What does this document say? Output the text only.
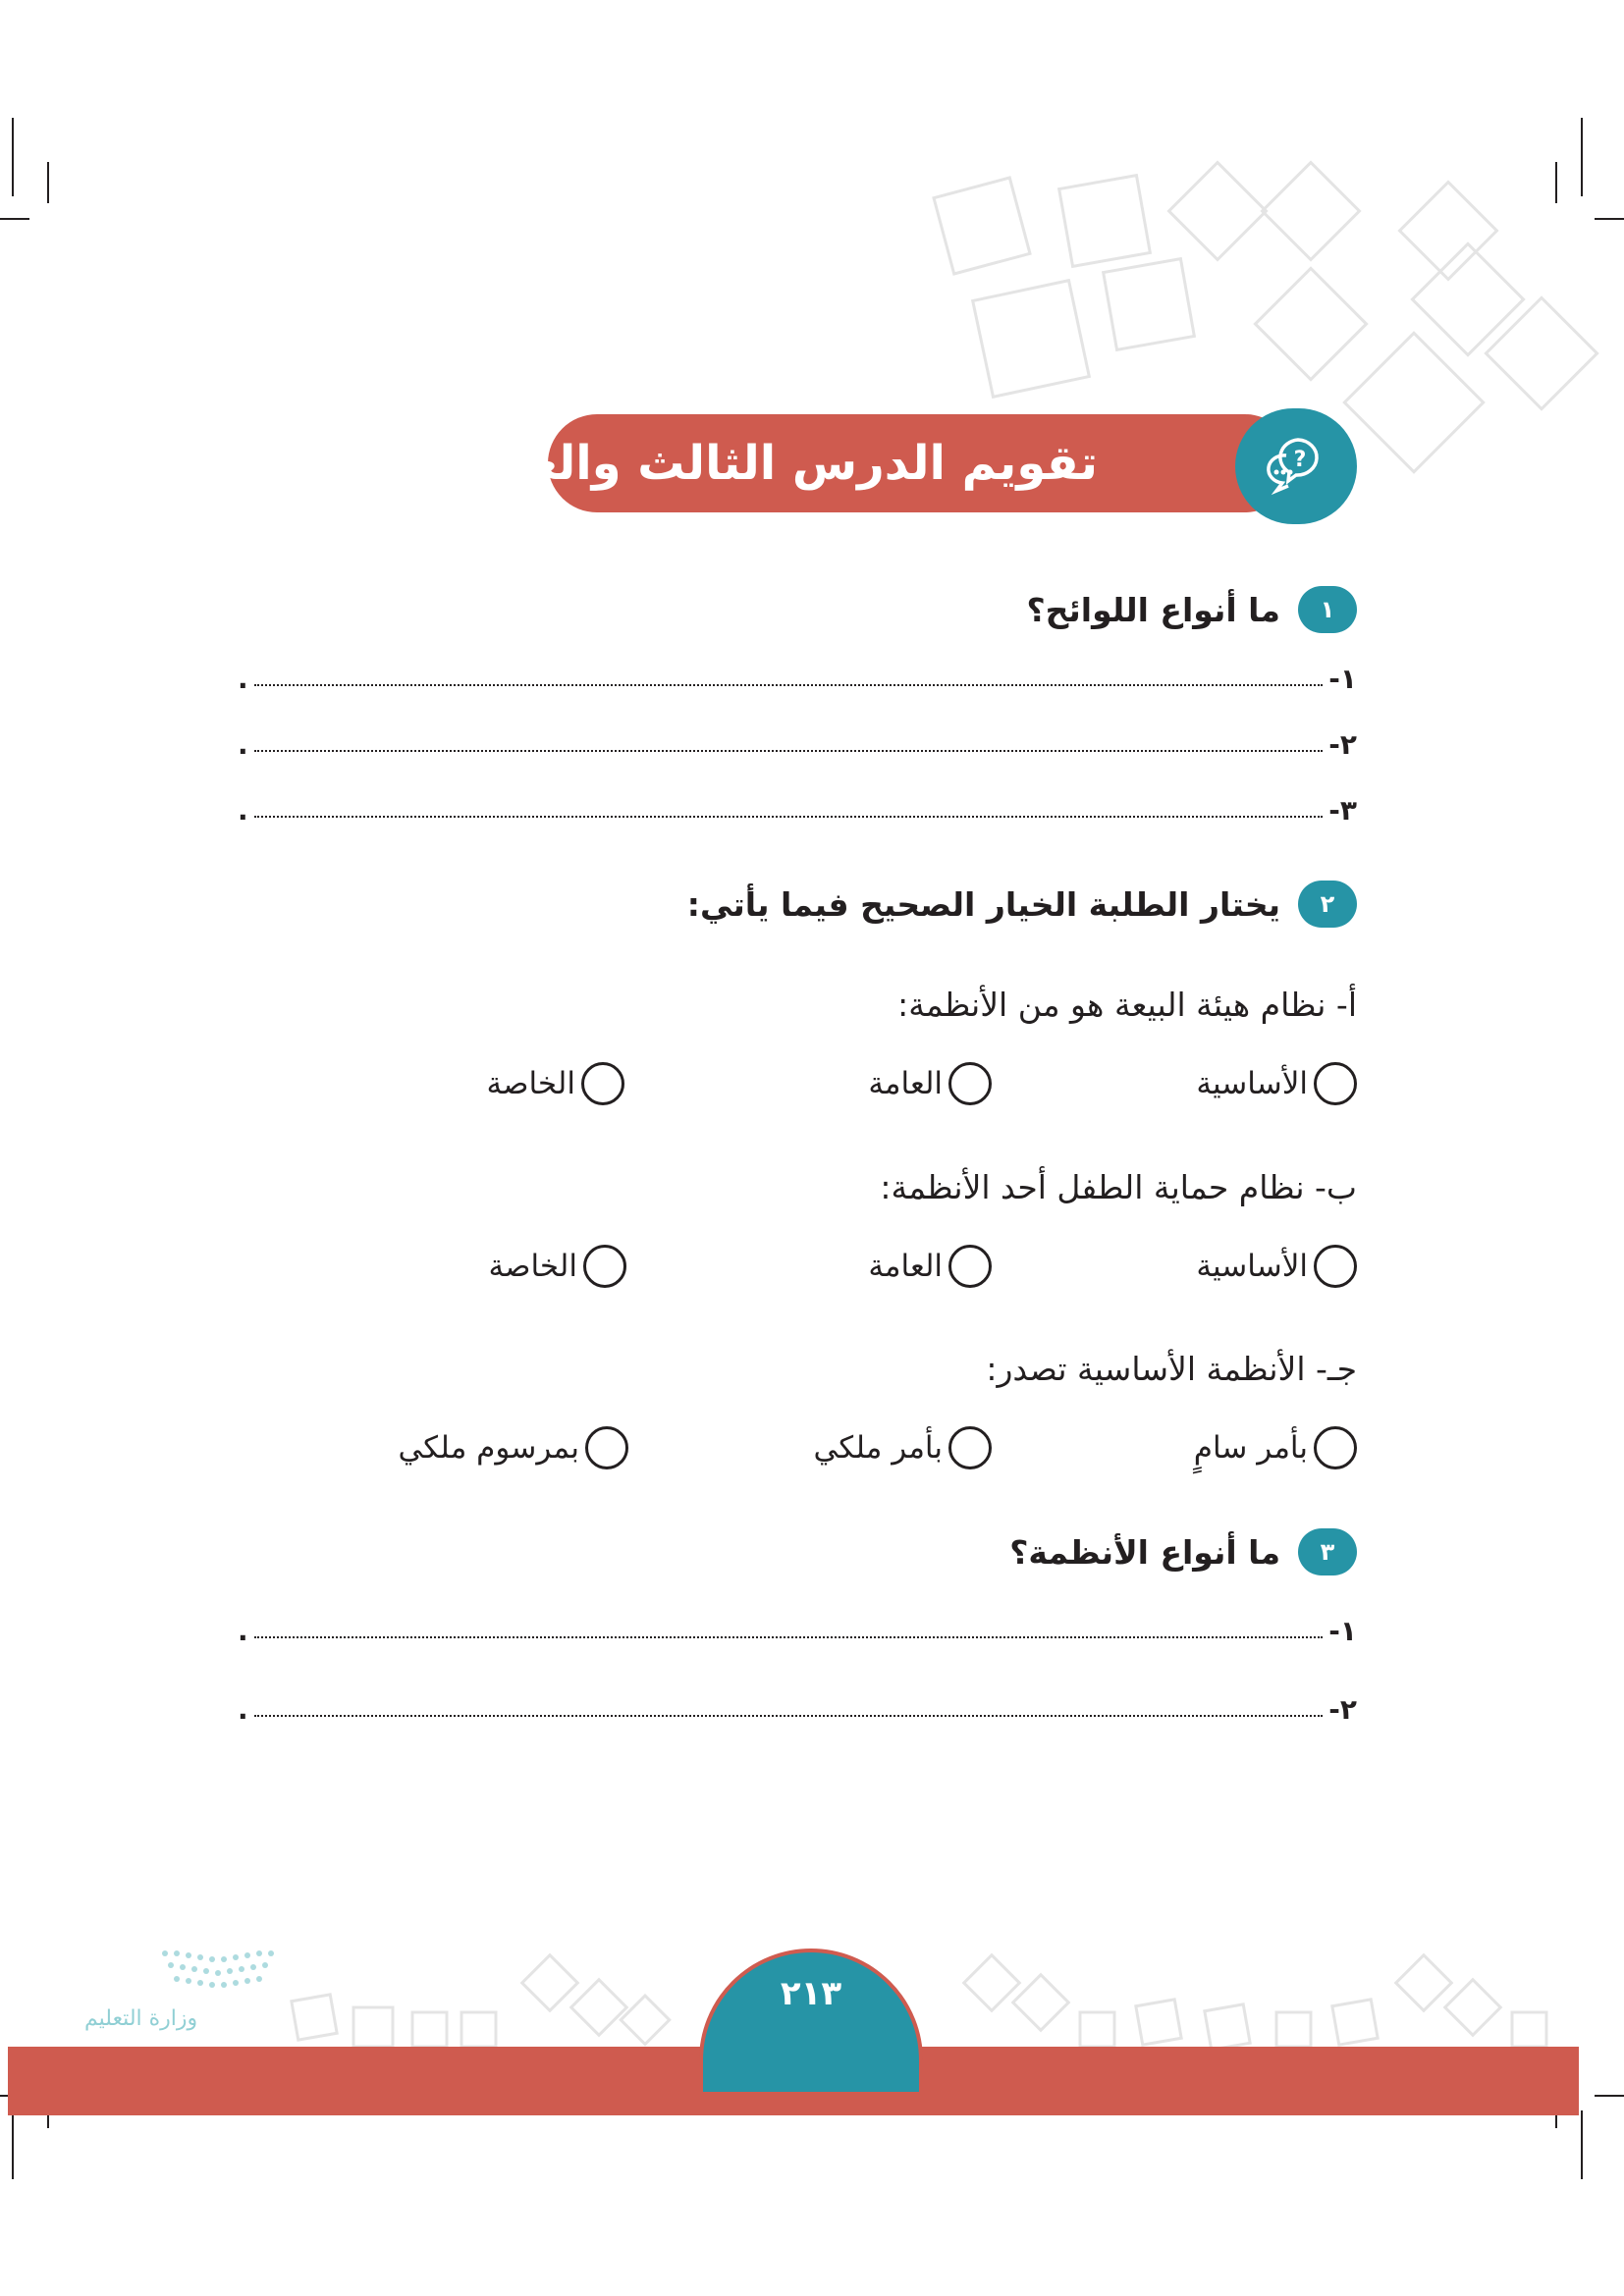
تقويم الدرس الثالث والعشرين	?
١
ما أنواع اللوائح؟
١-
.
٢-
.
٣-
.
٢
يختار الطلبة الخيار الصحيح فيما يأتي:
أ- نظام هيئة البيعة هو من الأنظمة:
الأساسية
العامة
الخاصة
ب- نظام حماية الطفل أحد الأنظمة:
الأساسية
العامة
الخاصة
جـ- الأنظمة الأساسية تصدر:
بأمر سامٍ
بأمر ملكي
بمرسوم ملكي
٣
ما أنواع الأنظمة؟
١-
.
٢-
.
وزارة التعليم
٢١٣
